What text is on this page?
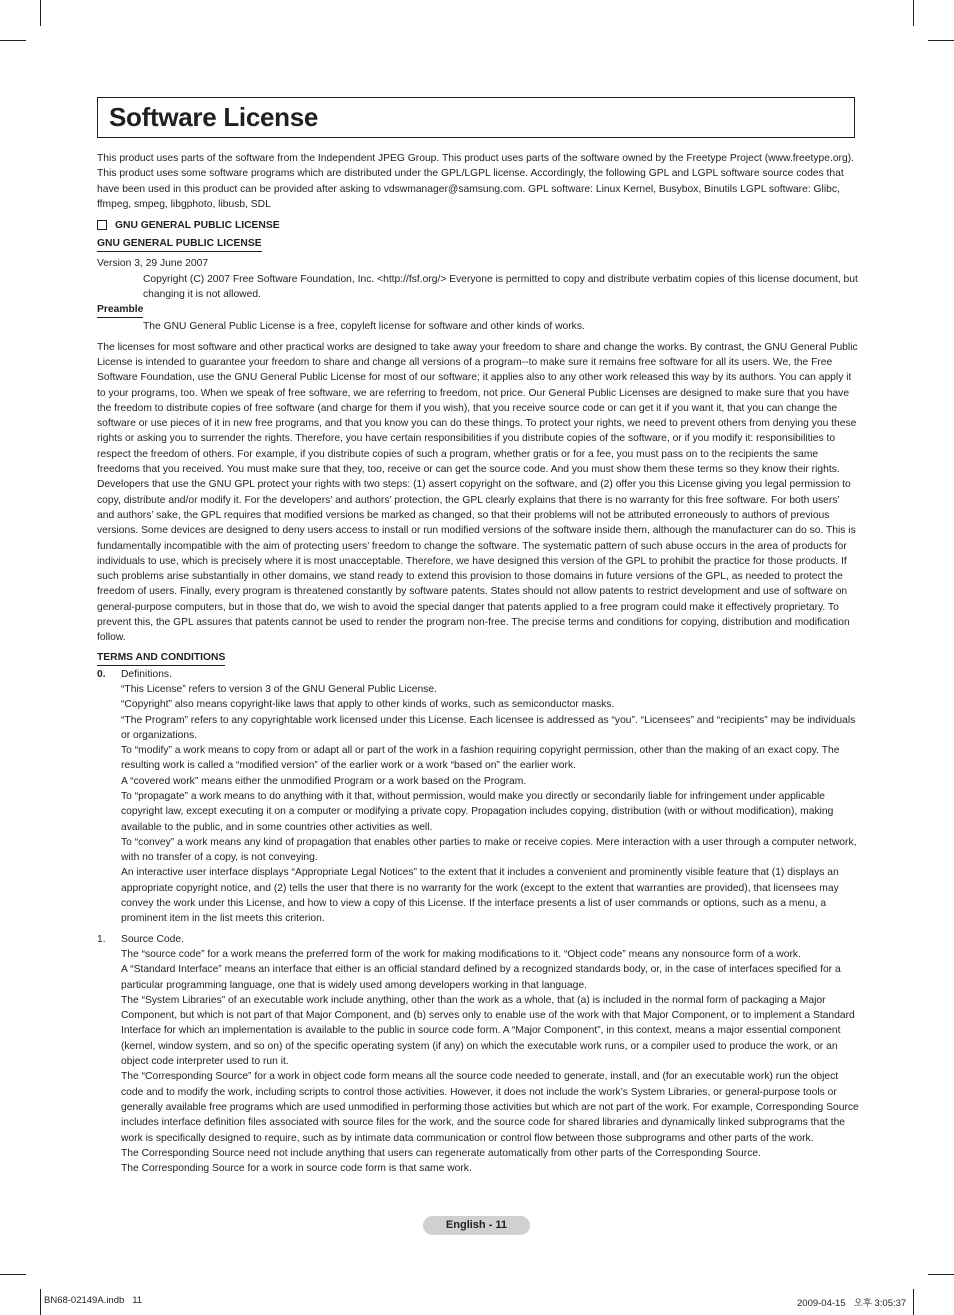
Software License

This product uses parts of the software from the Independent JPEG Group. This product uses parts of the software owned by the Freetype Project (www.freetype.org). This product uses some software programs which are distributed under the GPL/LGPL license. Accordingly, the following GPL and LGPL software source codes that have been used in this product can be provided after asking to vdswmanager@samsung.com. GPL software: Linux Kernel, Busybox, Binutils LGPL software: Glibc, ffmpeg, smpeg, libgphoto, libusb, SDL

GNU GENERAL PUBLIC LICENSE
GNU GENERAL PUBLIC LICENSE

Version 3, 29 June 2007

Copyright (C) 2007 Free Software Foundation, Inc. <http://fsf.org/> Everyone is permitted to copy and distribute verbatim copies of this license document, but changing it is not allowed.

Preamble

The GNU General Public License is a free, copyleft license for software and other kinds of works.

The licenses for most software and other practical works are designed to take away your freedom to share and change the works. By contrast, the GNU General Public License is intended to guarantee your freedom to share and change all versions of a program--to make sure it remains free software for all its users. We, the Free Software Foundation, use the GNU General Public License for most of our software; it applies also to any other work released this way by its authors. You can apply it to your programs, too. When we speak of free software, we are referring to freedom, not price. Our General Public Licenses are designed to make sure that you have the freedom to distribute copies of free software (and charge for them if you wish), that you receive source code or can get it if you want it, that you can change the software or use pieces of it in new free programs, and that you know you can do these things. To protect your rights, we need to prevent others from denying you these rights or asking you to surrender the rights. Therefore, you have certain responsibilities if you distribute copies of the software, or if you modify it: responsibilities to respect the freedom of others. For example, if you distribute copies of such a program, whether gratis or for a fee, you must pass on to the recipients the same freedoms that you received. You must make sure that they, too, receive or can get the source code. And you must show them these terms so they know their rights. Developers that use the GNU GPL protect your rights with two steps: (1) assert copyright on the software, and (2) offer you this License giving you legal permission to copy, distribute and/or modify it. For the developers’ and authors’ protection, the GPL clearly explains that there is no warranty for this free software. For both users’ and authors’ sake, the GPL requires that modified versions be marked as changed, so that their problems will not be attributed erroneously to authors of previous versions. Some devices are designed to deny users access to install or run modified versions of the software inside them, although the manufacturer can do so. This is fundamentally incompatible with the aim of protecting users’ freedom to change the software. The systematic pattern of such abuse occurs in the area of products for individuals to use, which is precisely where it is most unacceptable. Therefore, we have designed this version of the GPL to prohibit the practice for those products. If such problems arise substantially in other domains, we stand ready to extend this provision to those domains in future versions of the GPL, as needed to protect the freedom of users. Finally, every program is threatened constantly by software patents. States should not allow patents to restrict development and use of software on general-purpose computers, but in those that do, we wish to avoid the special danger that patents applied to a free program could make it effectively proprietary. To prevent this, the GPL assures that patents cannot be used to render the program non-free. The precise terms and conditions for copying, distribution and modification follow.

TERMS AND CONDITIONS
0. Definitions.

“This License” refers to version 3 of the GNU General Public License.

“Copyright” also means copyright-like laws that apply to other kinds of works, such as semiconductor masks.

“The Program” refers to any copyrightable work licensed under this License. Each licensee is addressed as “you”. “Licensees” and “recipients” may be individuals or organizations.

To “modify” a work means to copy from or adapt all or part of the work in a fashion requiring copyright permission, other than the making of an exact copy. The resulting work is called a “modified version” of the earlier work or a work “based on” the earlier work.

A “covered work” means either the unmodified Program or a work based on the Program.

To “propagate” a work means to do anything with it that, without permission, would make you directly or secondarily liable for infringement under applicable copyright law, except executing it on a computer or modifying a private copy. Propagation includes copying, distribution (with or without modification), making available to the public, and in some countries other activities as well.

To “convey” a work means any kind of propagation that enables other parties to make or receive copies. Mere interaction with a user through a computer network, with no transfer of a copy, is not conveying.

An interactive user interface displays “Appropriate Legal Notices” to the extent that it includes a convenient and prominently visible feature that (1) displays an appropriate copyright notice, and (2) tells the user that there is no warranty for the work (except to the extent that warranties are provided), that licensees may convey the work under this License, and how to view a copy of this License. If the interface presents a list of user commands or options, such as a menu, a prominent item in the list meets this criterion.

1. Source Code.

The “source code” for a work means the preferred form of the work for making modifications to it. “Object code” means any nonsource form of a work.

A “Standard Interface” means an interface that either is an official standard defined by a recognized standards body, or, in the case of interfaces specified for a particular programming language, one that is widely used among developers working in that language.

The “System Libraries” of an executable work include anything, other than the work as a whole, that (a) is included in the normal form of packaging a Major Component, but which is not part of that Major Component, and (b) serves only to enable use of the work with that Major Component, or to implement a Standard Interface for which an implementation is available to the public in source code form. A “Major Component”, in this context, means a major essential component (kernel, window system, and so on) of the specific operating system (if any) on which the executable work runs, or a compiler used to produce the work, or an object code interpreter used to run it.

The “Corresponding Source” for a work in object code form means all the source code needed to generate, install, and (for an executable work) run the object code and to modify the work, including scripts to control those activities. However, it does not include the work’s System Libraries, or general-purpose tools or generally available free programs which are used unmodified in performing those activities but which are not part of the work. For example, Corresponding Source includes interface definition files associated with source files for the work, and the source code for shared libraries and dynamically linked subprograms that the work is specifically designed to require, such as by intimate data communication or control flow between those subprograms and other parts of the work.

The Corresponding Source need not include anything that users can regenerate automatically from other parts of the Corresponding Source.

The Corresponding Source for a work in source code form is that same work.

English - 11
BN68-02149A.indb   11	2009-04-15   오후 3:05:37
